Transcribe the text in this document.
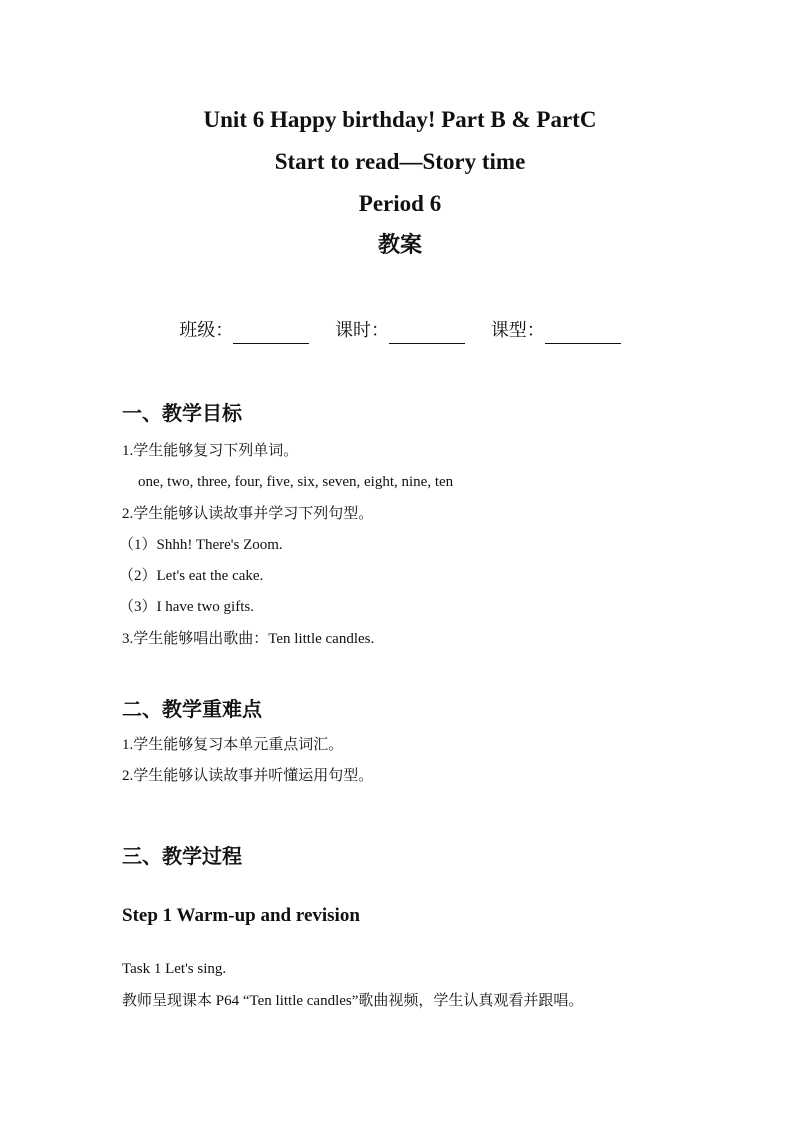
Unit 6 Happy birthday! Part B & PartC
Start to read—Story time
Period 6
教案
班级：	课时：	课型：
一、教学目标
1.学生能够复习下列单词。
one, two, three, four, five, six, seven, eight, nine, ten
2.学生能够认读故事并学习下列句型。
（1）Shhh! There's Zoom.
（2）Let's eat the cake.
（3）I have two gifts.
3.学生能够唱出歌曲：Ten little candles.
二、教学重难点
1.学生能够复习本单元重点词汇。
2.学生能够认读故事并听懂运用句型。
三、教学过程
Step 1 Warm-up and revision
Task 1 Let's sing.
教师呈现课本 P64 “Ten little candles”歌曲视频，学生认真观看并跟唱。
